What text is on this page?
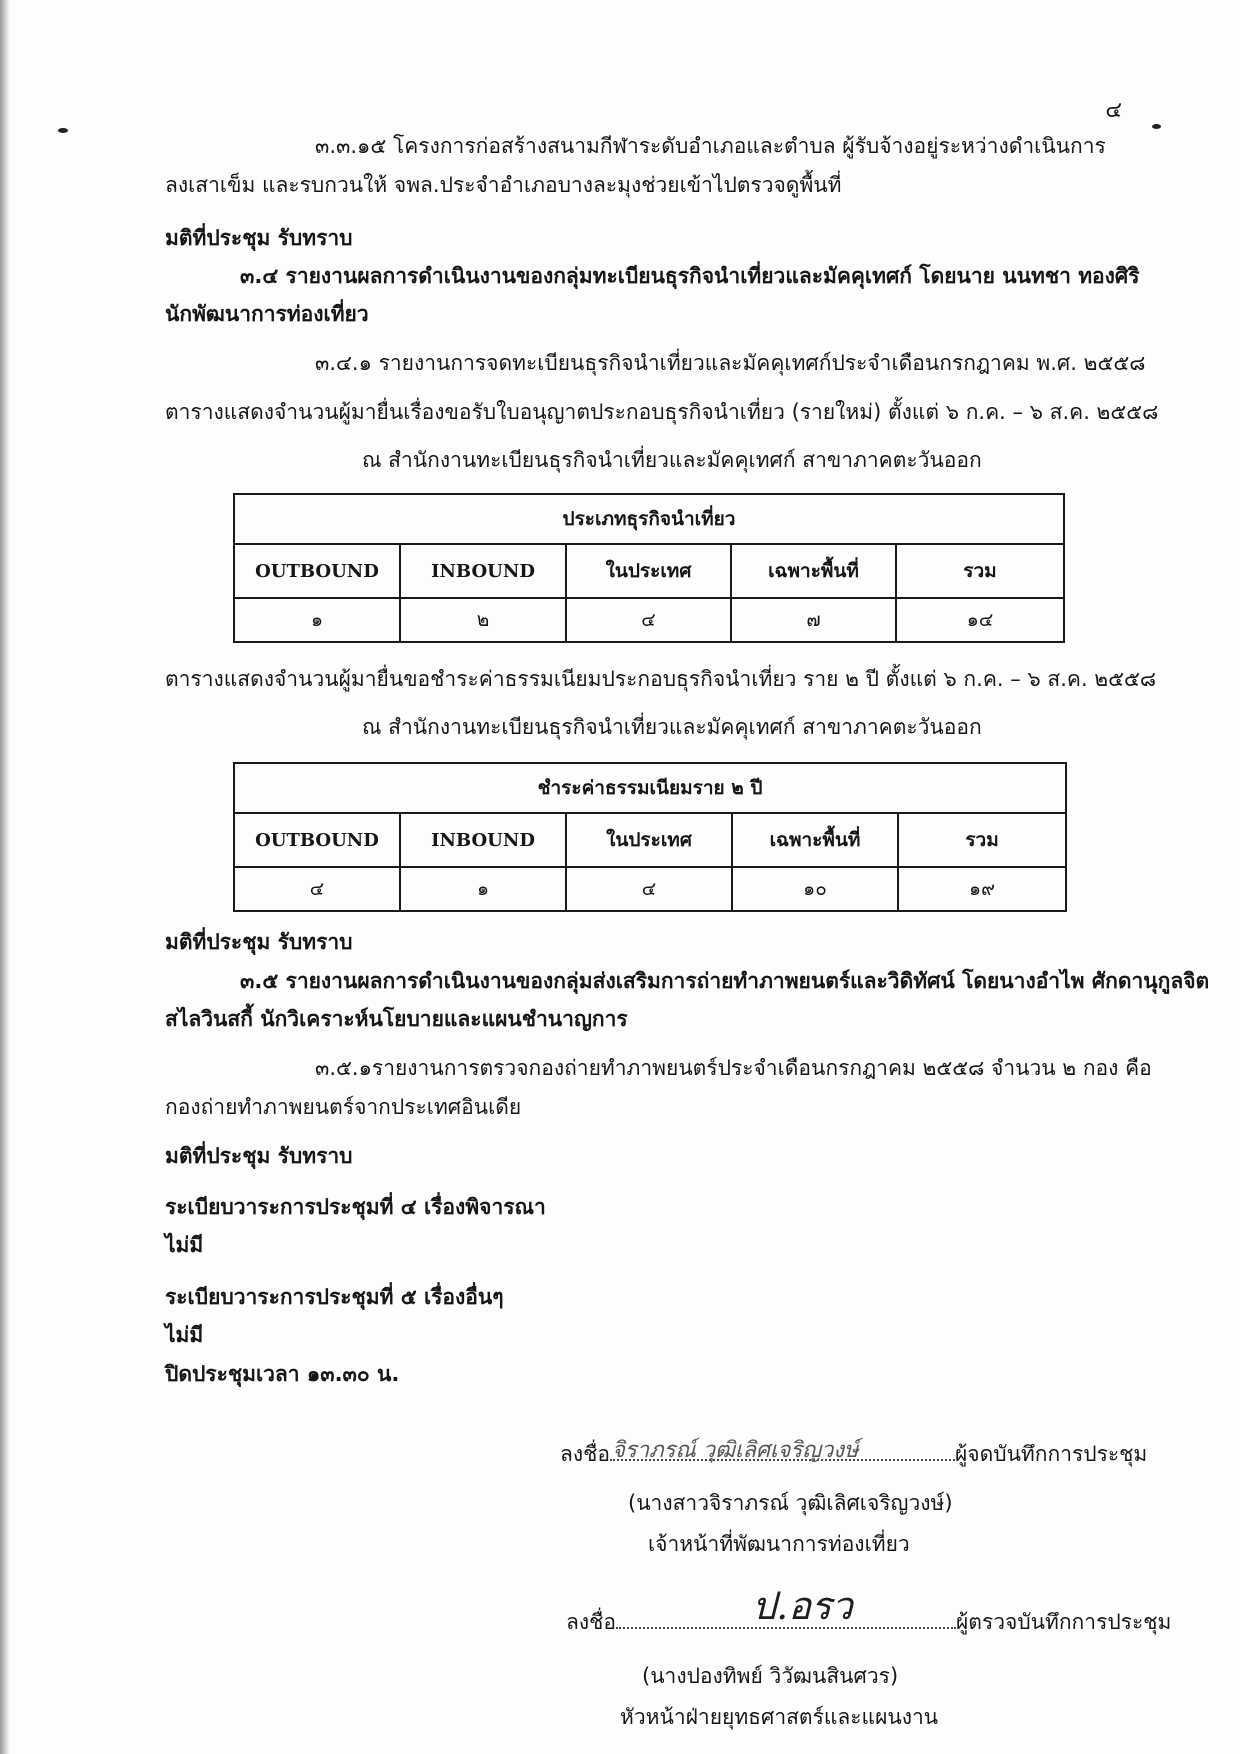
๔
๓.๓.๑๕ โครงการก่อสร้างสนามกีฬาระดับอำเภอและตำบล ผู้รับจ้างอยู่ระหว่างดำเนินการ
ลงเสาเข็ม และรบกวนให้ จพล.ประจำอำเภอบางละมุงช่วยเข้าไปตรวจดูพื้นที่
มติที่ประชุม รับทราบ
๓.๔ รายงานผลการดำเนินงานของกลุ่มทะเบียนธุรกิจนำเที่ยวและมัคคุเทศก์ โดยนาย นนทชา ทองศิริ
นักพัฒนาการท่องเที่ยว
๓.๔.๑ รายงานการจดทะเบียนธุรกิจนำเที่ยวและมัคคุเทศก์ประจำเดือนกรกฎาคม พ.ศ. ๒๕๕๘
ตารางแสดงจำนวนผู้มายื่นเรื่องขอรับใบอนุญาตประกอบธุรกิจนำเที่ยว (รายใหม่) ตั้งแต่ ๖ ก.ค. – ๖ ส.ค. ๒๕๕๘
ณ สำนักงานทะเบียนธุรกิจนำเที่ยวและมัคคุเทศก์ สาขาภาคตะวันออก
ประเภทธุรกิจนำเที่ยว				
OUTBOUND	INBOUND	ในประเทศ	เฉพาะพื้นที่	รวม
๑	๒	๔	๗	๑๔
ตารางแสดงจำนวนผู้มายื่นขอชำระค่าธรรมเนียมประกอบธุรกิจนำเที่ยว ราย ๒ ปี ตั้งแต่ ๖ ก.ค. – ๖ ส.ค. ๒๕๕๘
ณ สำนักงานทะเบียนธุรกิจนำเที่ยวและมัคคุเทศก์ สาขาภาคตะวันออก
ชำระค่าธรรมเนียมราย ๒ ปี				
OUTBOUND	INBOUND	ในประเทศ	เฉพาะพื้นที่	รวม
๔	๑	๔	๑๐	๑๙
มติที่ประชุม รับทราบ
๓.๕ รายงานผลการดำเนินงานของกลุ่มส่งเสริมการถ่ายทำภาพยนตร์และวิดิทัศน์ โดยนางอำไพ ศักดานุกูลจิต
สไลวินสกี้ นักวิเคราะห์นโยบายและแผนชำนาญการ
๓.๕.๑รายงานการตรวจกองถ่ายทำภาพยนตร์ประจำเดือนกรกฎาคม ๒๕๕๘ จำนวน ๒ กอง คือ
กองถ่ายทำภาพยนตร์จากประเทศอินเดีย
มติที่ประชุม รับทราบ
ระเบียบวาระการประชุมที่ ๔ เรื่องพิจารณา
ไม่มี
ระเบียบวาระการประชุมที่ ๕ เรื่องอื่นๆ
ไม่มี
ปิดประชุมเวลา ๑๓.๓๐ น.
ลงชื่อ	ผู้จดบันทึกการประชุม
จิราภรณ์ วุฒิเลิศเจริญวงษ์
(นางสาวจิราภรณ์ วุฒิเลิศเจริญวงษ์)
เจ้าหน้าที่พัฒนาการท่องเที่ยว
ลงชื่อ	ผู้ตรวจบันทึกการประชุม
ป.อรว
(นางปองทิพย์ วิวัฒนสินศวร)
หัวหน้าฝ่ายยุทธศาสตร์และแผนงาน
